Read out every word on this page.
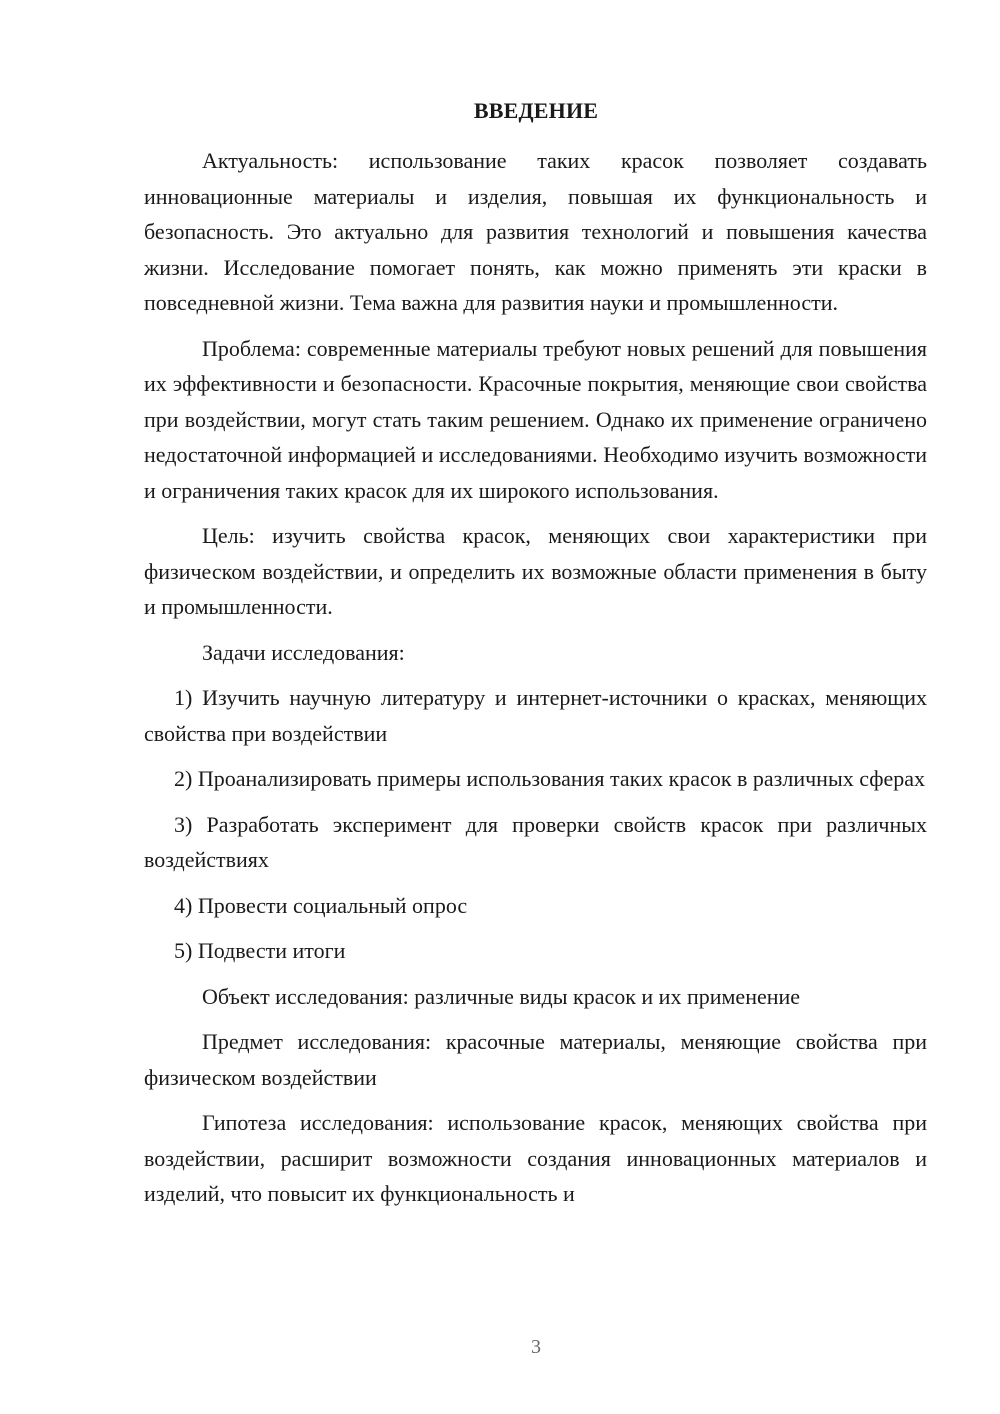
ВВЕДЕНИЕ

Актуальность: использование таких красок позволяет создавать инновационные материалы и изделия, повышая их функциональность и безопасность. Это актуально для развития технологий и повышения качества жизни. Исследование помогает понять, как можно применять эти краски в повседневной жизни. Тема важна для развития науки и промышленности.

Проблема: современные материалы требуют новых решений для повышения их эффективности и безопасности. Красочные покрытия, меняющие свои свойства при воздействии, могут стать таким решением. Однако их применение ограничено недостаточной информацией и исследованиями. Необходимо изучить возможности и ограничения таких красок для их широкого использования.

Цель: изучить свойства красок, меняющих свои характеристики при физическом воздействии, и определить их возможные области применения в быту и промышленности.

Задачи исследования:

1) Изучить научную литературу и интернет-источники о красках, меняющих свойства при воздействии

2) Проанализировать примеры использования таких красок в различных сферах

3) Разработать эксперимент для проверки свойств красок при различных воздействиях

4) Провести социальный опрос

5) Подвести итоги

Объект исследования: различные виды красок и их применение

Предмет исследования: красочные материалы, меняющие свойства при физическом воздействии

Гипотеза исследования: использование красок, меняющих свойства при воздействии, расширит возможности создания инновационных материалов и изделий, что повысит их функциональность и

3
